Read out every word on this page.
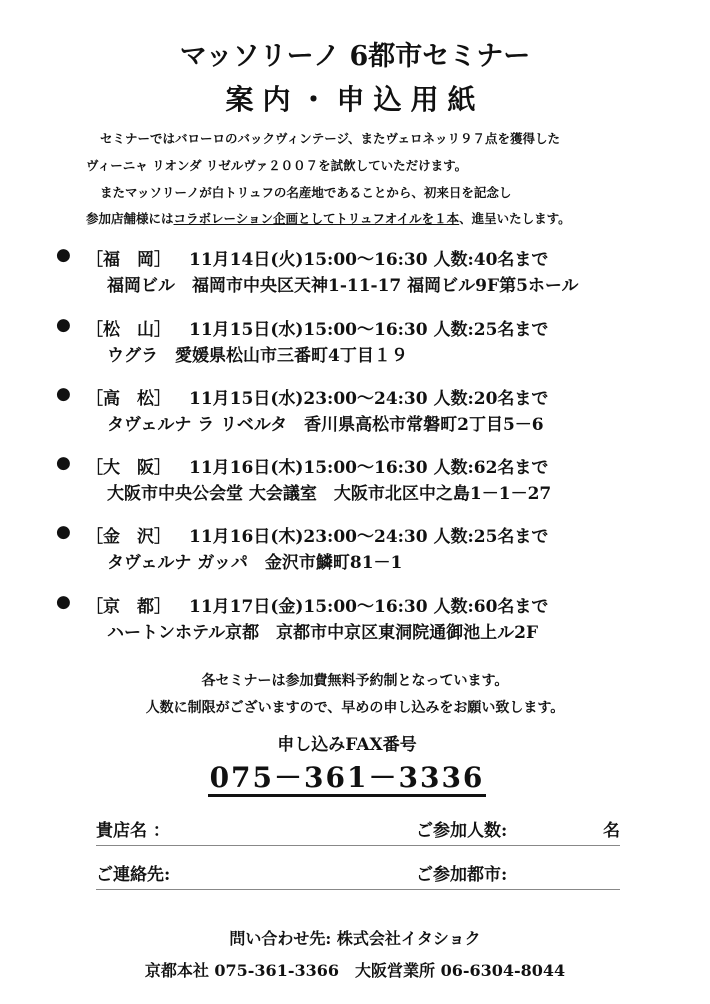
マッソリーノ 6都市セミナー
案内・申込用紙
セミナーではバローロのバックヴィンテージ、またヴェロネッリ９７点を獲得した
ヴィーニャ リオンダ リゼルヴァ２００７を試飲していただけます。
またマッソリーノが白トリュフの名産地であることから、初来日を記念し
参加店舗様にはコラボレーション企画としてトリュフオイルを１本、進呈いたします。
● ［福　岡］ 11月14日(火)15:00～16:30 人数:40名まで
福岡ビル　福岡市中央区天神1-11-17 福岡ビル9F第5ホール
● ［松　山］ 11月15日(水)15:00～16:30 人数:25名まで
ウグラ　愛媛県松山市三番町4丁目１９
● ［高　松］ 11月15日(水)23:00～24:30 人数:20名まで
タヴェルナ ラ リベルタ　香川県高松市常磐町2丁目5－6
● ［大　阪］ 11月16日(木)15:00～16:30 人数:62名まで
大阪市中央公会堂 大会議室　大阪市北区中之島1－1－27
● ［金　沢］ 11月16日(木)23:00～24:30 人数:25名まで
タヴェルナ ガッパ　金沢市鱗町81－1
● ［京　都］ 11月17日(金)15:00～16:30 人数:60名まで
ハートンホテル京都　京都市中京区東洞院通御池上ル2F
各セミナーは参加費無料予約制となっています。
人数に制限がございますので、早めの申し込みをお願い致します。
申し込みFAX番号
075－361－3336
貴店名 ：	ご参加人数:	名
ご連絡先:	ご参加都市:
問い合わせ先: 株式会社イタショク
京都本社 075-361-3366　大阪営業所 06-6304-8044
